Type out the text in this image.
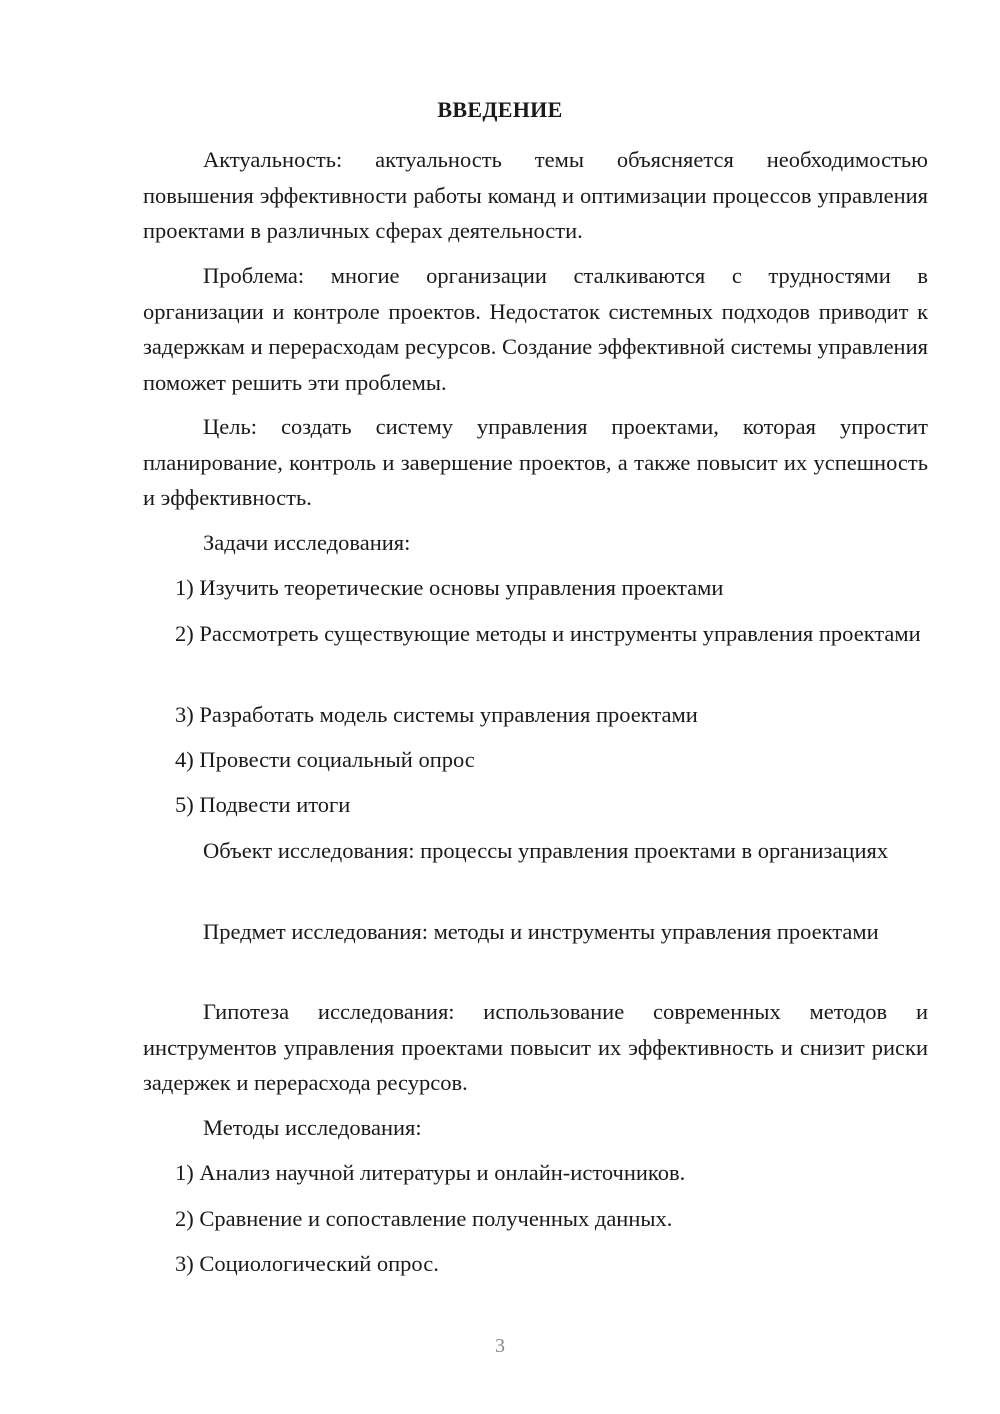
ВВЕДЕНИЕ

Актуальность: актуальность темы объясняется необходимостью повышения эффективности работы команд и оптимизации процессов управления проектами в различных сферах деятельности.

Проблема: многие организации сталкиваются с трудностями в организации и контроле проектов. Недостаток системных подходов приводит к задержкам и перерасходам ресурсов. Создание эффективной системы управления поможет решить эти проблемы.

Цель: создать систему управления проектами, которая упростит планирование, контроль и завершение проектов, а также повысит их успешность и эффективность.

Задачи исследования:

1) Изучить теоретические основы управления проектами

2) Рассмотреть существующие методы и инструменты управления проектами

3) Разработать модель системы управления проектами

4) Провести социальный опрос

5) Подвести итоги

Объект исследования: процессы управления проектами в организациях

Предмет исследования: методы и инструменты управления проектами

Гипотеза исследования: использование современных методов и инструментов управления проектами повысит их эффективность и снизит риски задержек и перерасхода ресурсов.

Методы исследования:

1) Анализ научной литературы и онлайн-источников.

2) Сравнение и сопоставление полученных данных.

3) Социологический опрос.

3
